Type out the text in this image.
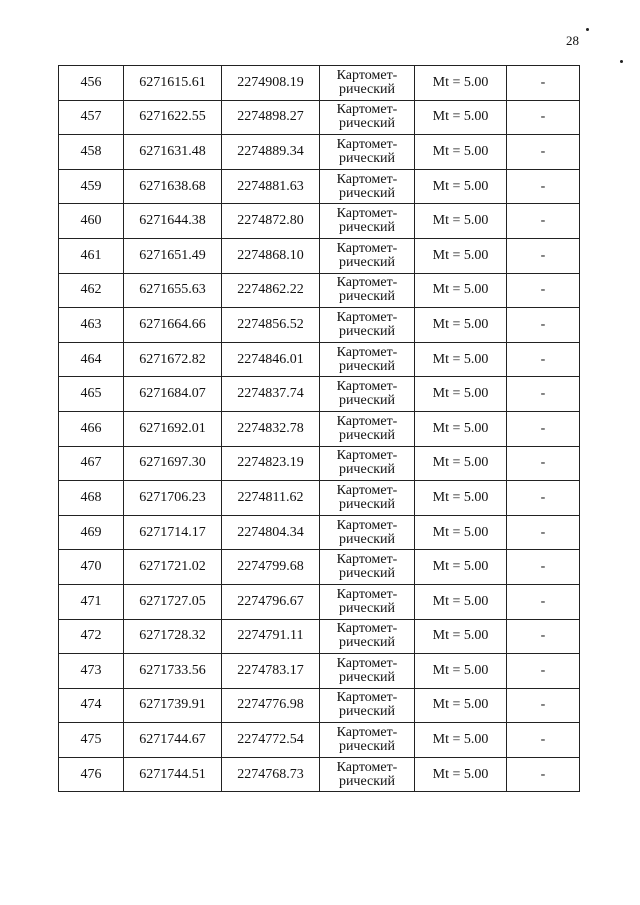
28
456	6271615.61	2274908.19	Картомет-
рический	Mt = 5.00	-
457	6271622.55	2274898.27	Картомет-
рический	Mt = 5.00	-
458	6271631.48	2274889.34	Картомет-
рический	Mt = 5.00	-
459	6271638.68	2274881.63	Картомет-
рический	Mt = 5.00	-
460	6271644.38	2274872.80	Картомет-
рический	Mt = 5.00	-
461	6271651.49	2274868.10	Картомет-
рический	Mt = 5.00	-
462	6271655.63	2274862.22	Картомет-
рический	Mt = 5.00	-
463	6271664.66	2274856.52	Картомет-
рический	Mt = 5.00	-
464	6271672.82	2274846.01	Картомет-
рический	Mt = 5.00	-
465	6271684.07	2274837.74	Картомет-
рический	Mt = 5.00	-
466	6271692.01	2274832.78	Картомет-
рический	Mt = 5.00	-
467	6271697.30	2274823.19	Картомет-
рический	Mt = 5.00	-
468	6271706.23	2274811.62	Картомет-
рический	Mt = 5.00	-
469	6271714.17	2274804.34	Картомет-
рический	Mt = 5.00	-
470	6271721.02	2274799.68	Картомет-
рический	Mt = 5.00	-
471	6271727.05	2274796.67	Картомет-
рический	Mt = 5.00	-
472	6271728.32	2274791.11	Картомет-
рический	Mt = 5.00	-
473	6271733.56	2274783.17	Картомет-
рический	Mt = 5.00	-
474	6271739.91	2274776.98	Картомет-
рический	Mt = 5.00	-
475	6271744.67	2274772.54	Картомет-
рический	Mt = 5.00	-
476	6271744.51	2274768.73	Картомет-
рический	Mt = 5.00	-
